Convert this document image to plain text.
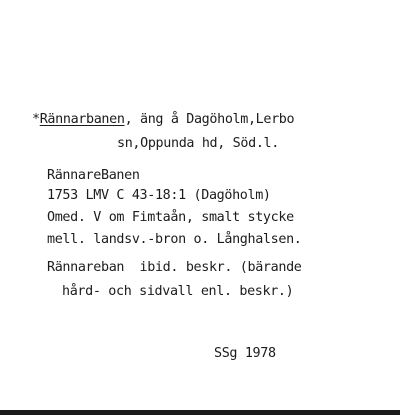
*Rännarbanen, äng å Dagöholm,Lerbo
sn,Oppunda hd, Söd.l.
RännareBanen
1753 LMV C 43-18:1 (Dagöholm)
Omed. V om Fimtaån, smalt stycke
mell. landsv.-bron o. Långhalsen.
Rännareban  ibid. beskr. (bärande
hård- och sidvall enl. beskr.)
SSg 1978
